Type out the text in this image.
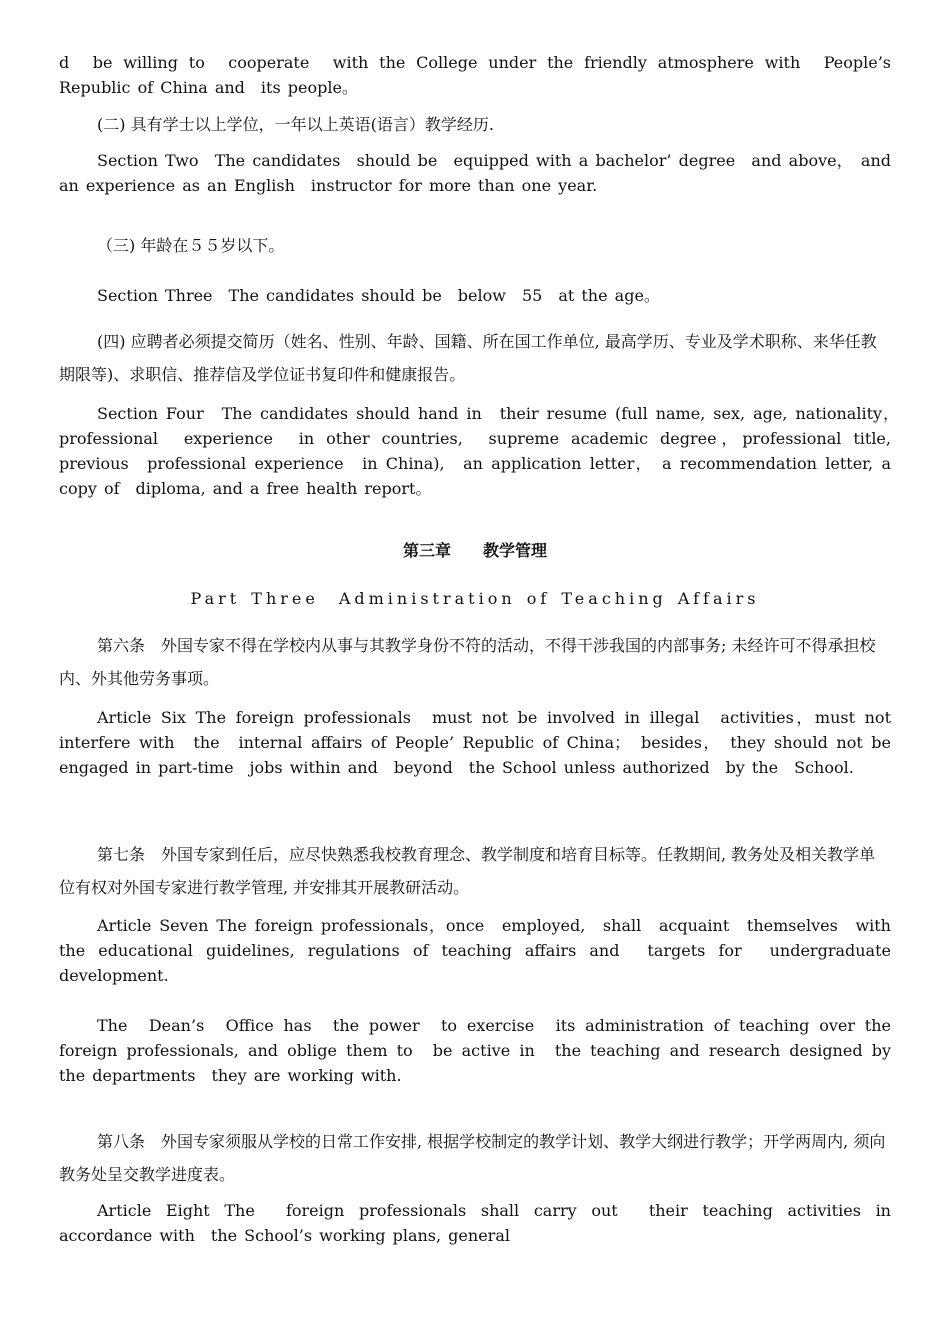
d　be willing to　cooperate　with the College under the friendly atmosphere with　People’s Republic of China and　its people。

(二) 具有学士以上学位，一年以上英语(语言）教学经历.

Section Two　The candidates　should be　equipped with a bachelor’ degree　and above，　and　an experience as an English　instructor for more than one year.

（三) 年龄在５５岁以下。

Section Three　The candidates should be　below　55　at the age。

(四) 应聘者必须提交简历（姓名、性别、年龄、国籍、所在国工作单位, 最高学历、专业及学术职称、来华任教期限等)、求职信、推荐信及学位证书复印件和健康报告。

Section Four　The candidates should hand in　their resume (full name, sex, age, nationality，　professional　experience　in other countries,　supreme academic degree，professional title,　previous　professional experience　in China),　an application letter，　a recommendation letter, a copy of　diploma, and a free health report。

第三章　　教学管理

Part Three　Administration of Teaching Affairs

第六条　外国专家不得在学校内从事与其教学身份不符的活动，不得干涉我国的内部事务; 未经许可不得承担校内、外其他劳务事项。

Article Six The foreign professionals　must not be involved in illegal　activities，must not　interfere with　the　internal affairs of People’ Republic of China；　besides，　they should not be engaged in part-time　jobs within and　beyond　the School unless authorized　by the　School.

第七条　外国专家到任后，应尽快熟悉我校教育理念、教学制度和培育目标等。任教期间, 教务处及相关教学单位有权对外国专家进行教学管理, 并安排其开展教研活动。

Article Seven The foreign professionals，once　employed,　shall　acquaint　themselves　with the educational guidelines, regulations of teaching affairs and　targets for　undergraduate　development.

The　Dean’s　Office has　the power　to exercise　its administration of teaching over the foreign professionals, and oblige them to　be active in　the teaching and research designed by the departments　they are working with.

第八条　外国专家须服从学校的日常工作安排, 根据学校制定的教学计划、教学大纲进行教学；开学两周内, 须向教务处呈交教学进度表。

Article Eight The　foreign professionals shall carry out　their teaching activities in accordance with　the School’s working plans, general
